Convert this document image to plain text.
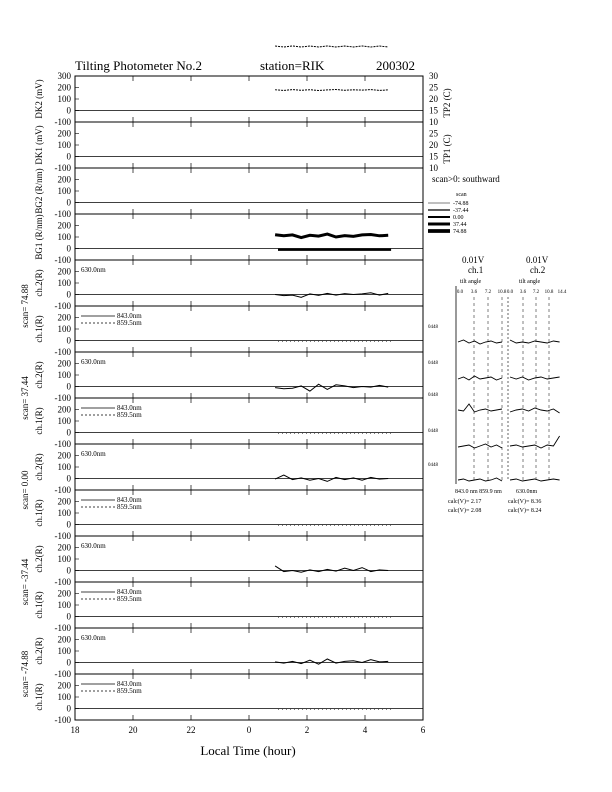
Tilting Photometer No.2	station=RIK	200302
300
200
100
0
-100
DK2 (mV)
30
25
20
15
10
TP2 (C)
200
100
0
-100
DK1 (mV)	25
20
15
10
TP1 (C)
200
100
0
-100
BG2 (R/nm)
200
100
0
-100
BG1 (R/nm)
200
100
0
-100
ch.2(R)	630.0nm
scan= 74.88	200
100
0
-100
ch.1(R)	843.0nm
859.5nm
200
100
0
-100
ch.2(R)	630.0nm
scan= 37.44	200
100
0
-100
ch.1(R)	843.0nm
859.5nm
200
100
0
-100
ch.2(R)	630.0nm
scan= 0.00	200
100
0
-100
ch.1(R)	843.0nm
859.5nm
200
100
0
-100
ch.2(R)	630.0nm
scan= -37.44	200
100
0
-100
ch.1(R)	843.0nm
859.5nm
200
100
0
-100
ch.2(R)	630.0nm
scan= -74.88	200
100
0
-100
ch.1(R)	843.0nm
859.5nm
18	20	22	0	2	4	6
Local Time (hour)
scan>0: southward
scan
-74.88
-37.44
0.00
37.44
74.88
0.01V
ch.1
0.01V
ch.2
tilt angle	tilt angle
0.0 3.6 7.2 10.8 0.0 3.6 7.2 10.8 14.4
0448
0448
0448
0448
0448
843.0 nm 859.9 nm 630.0nm
calc(V)= 2.17
calc(V)= 2.08
calc(V)= 8.36
calc(V)= 8.24
